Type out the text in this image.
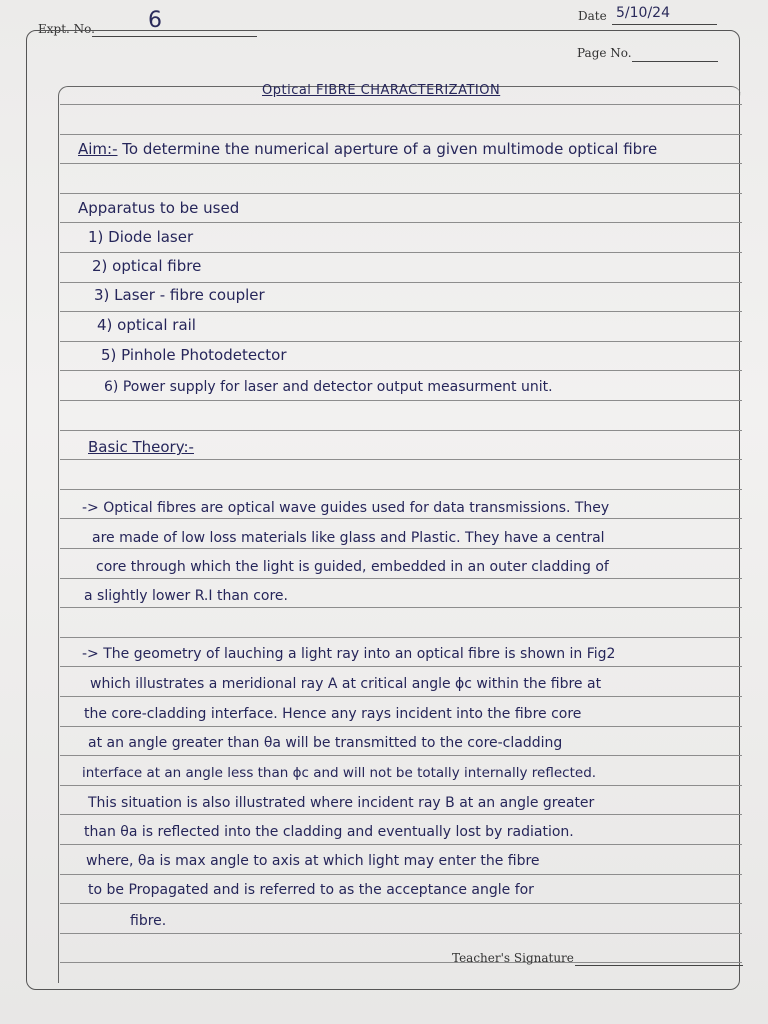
Expt. No. 6	Date 5/10/24
Page No.
Optical FIBRE CHARACTERIZATION
Aim:- To determine the numerical aperture of a given multimode optical fibre
Apparatus to be used
1) Diode laser
2) optical fibre
3) Laser - fibre coupler
4) optical rail
5) Pinhole Photodetector
6) Power supply for laser and detector output measurment unit.
Basic Theory:-
-> Optical fibres are optical wave guides used for data transmissions. They
are made of low loss materials like glass and Plastic. They have a central
core through which the light is guided, embedded in an outer cladding of
a slightly lower R.I than core.
-> The geometry of lauching a light ray into an optical fibre is shown in Fig2
which illustrates a meridional ray A at critical angle ϕc within the fibre at
the core-cladding interface. Hence any rays incident into the fibre core
at an angle greater than θa will be transmitted to the core-cladding
interface at an angle less than ϕc and will not be totally internally reflected.
This situation is also illustrated where incident ray B at an angle greater
than θa is reflected into the cladding and eventually lost by radiation.
where, θa is max angle to axis at which light may enter the fibre
to be Propagated and is referred to as the acceptance angle for
fibre.
Teacher's Signature
